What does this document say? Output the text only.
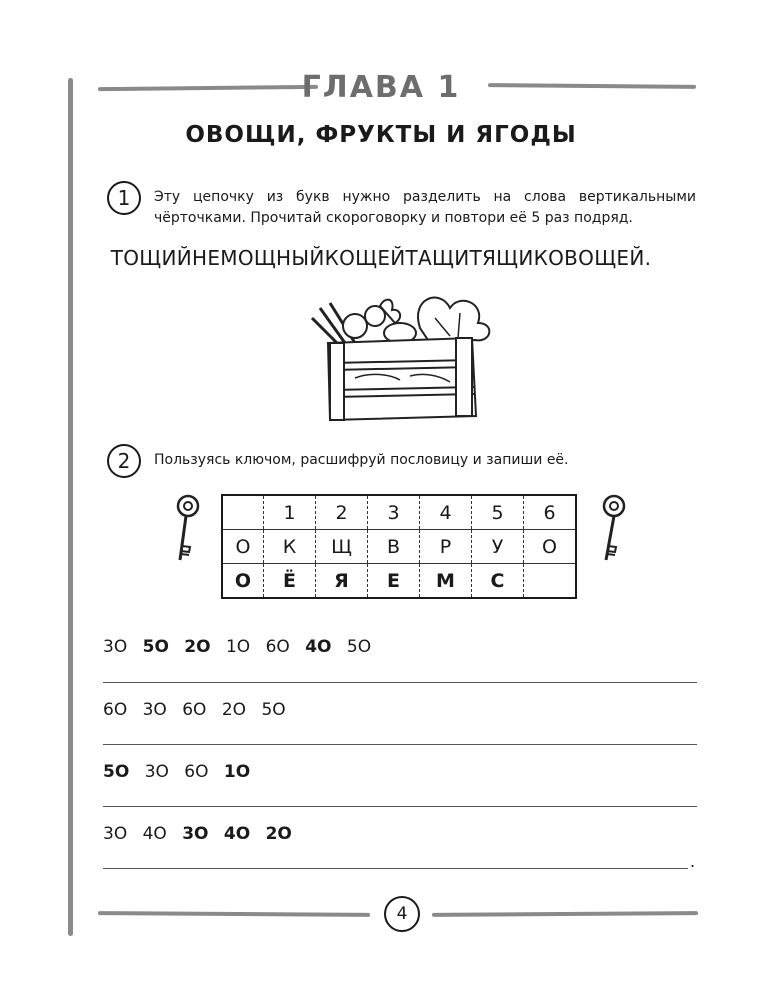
ГЛАВА 1
ОВОЩИ, ФРУКТЫ И ЯГОДЫ
1	Эту цепочку из букв нужно разделить на слова вертикальными чёрточками. Прочитай скороговорку и повтори её 5 раз подряд.
ТОЩИЙНЕМОЩНЫЙКОЩЕЙТАЩИТЯЩИКОВОЩЕЙ.
2	Пользуясь ключом, расшифруй пословицу и запиши её.
	1	2	3	4	5	6
О	К	Щ	В	Р	У	О
О	Ё	Я	Е	М	С	
3O 5O 2O 1O 6O 4O 5O
6O 3O 6O 2O 5O
5O 3O 6O 1O
3O 4O 3O 4O 2O
.
4
